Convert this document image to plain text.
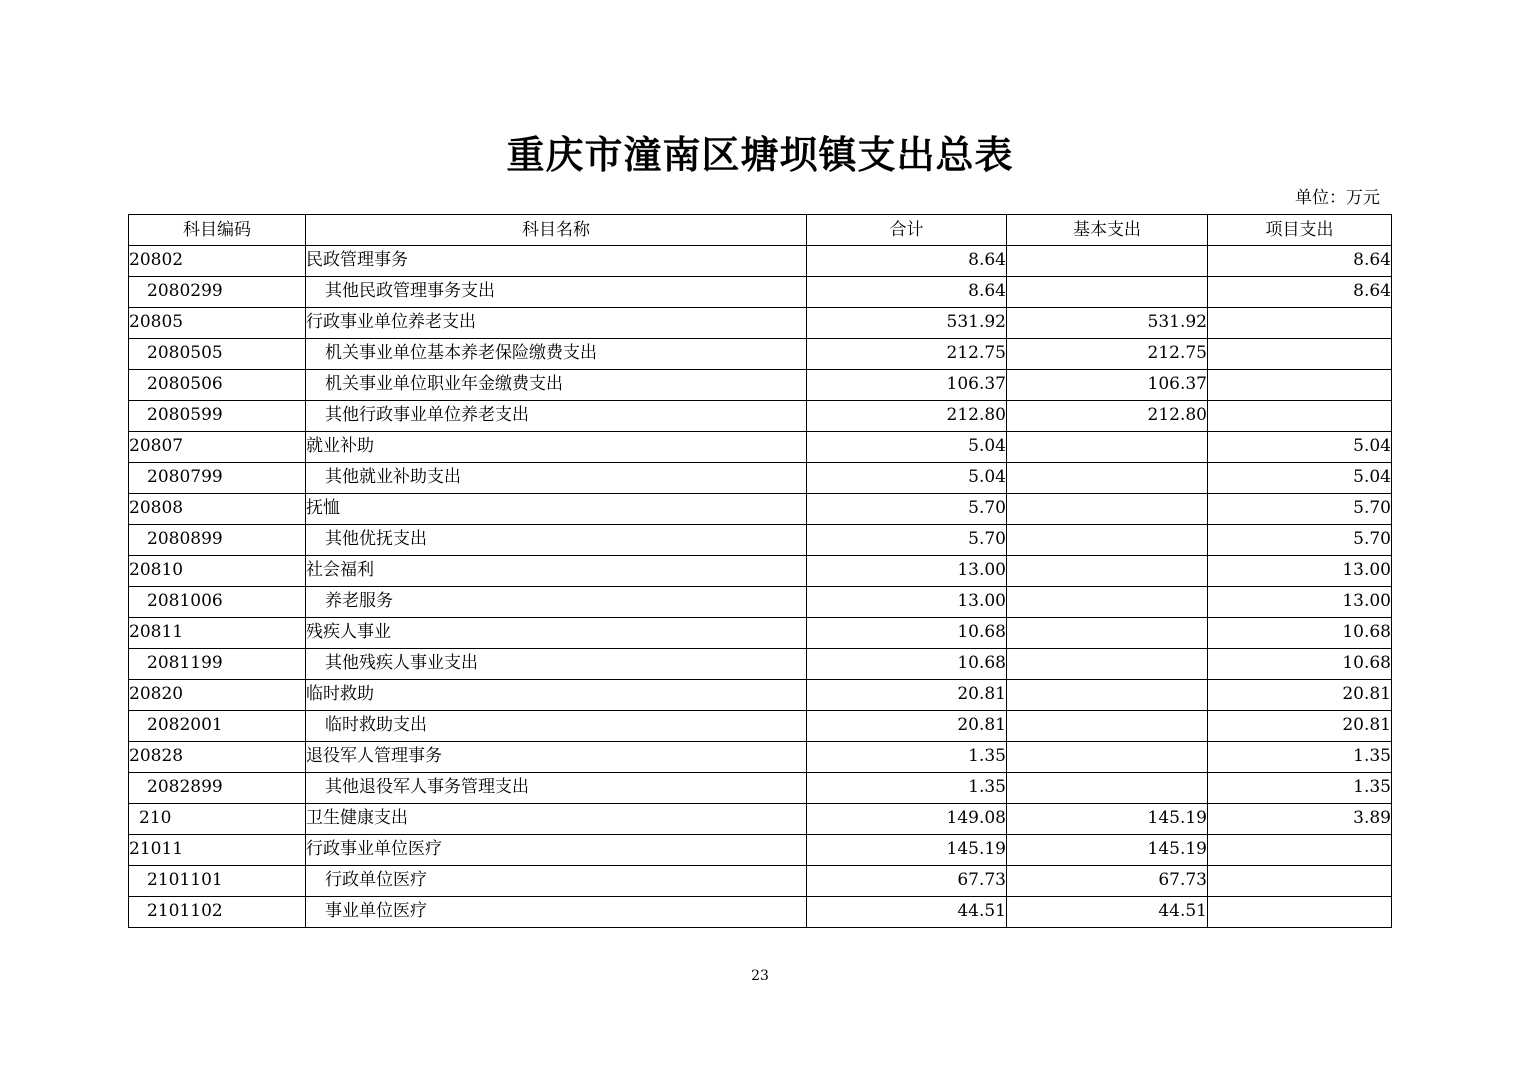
重庆市潼南区塘坝镇支出总表
单位：万元
科目编码	科目名称	合计	基本支出	项目支出
20802	民政管理事务	8.64		8.64
2080299	其他民政管理事务支出	8.64		8.64
20805	行政事业单位养老支出	531.92	531.92	
2080505	机关事业单位基本养老保险缴费支出	212.75	212.75	
2080506	机关事业单位职业年金缴费支出	106.37	106.37	
2080599	其他行政事业单位养老支出	212.80	212.80	
20807	就业补助	5.04		5.04
2080799	其他就业补助支出	5.04		5.04
20808	抚恤	5.70		5.70
2080899	其他优抚支出	5.70		5.70
20810	社会福利	13.00		13.00
2081006	养老服务	13.00		13.00
20811	残疾人事业	10.68		10.68
2081199	其他残疾人事业支出	10.68		10.68
20820	临时救助	20.81		20.81
2082001	临时救助支出	20.81		20.81
20828	退役军人管理事务	1.35		1.35
2082899	其他退役军人事务管理支出	1.35		1.35
210	卫生健康支出	149.08	145.19	3.89
21011	行政事业单位医疗	145.19	145.19	
2101101	行政单位医疗	67.73	67.73	
2101102	事业单位医疗	44.51	44.51	
23
